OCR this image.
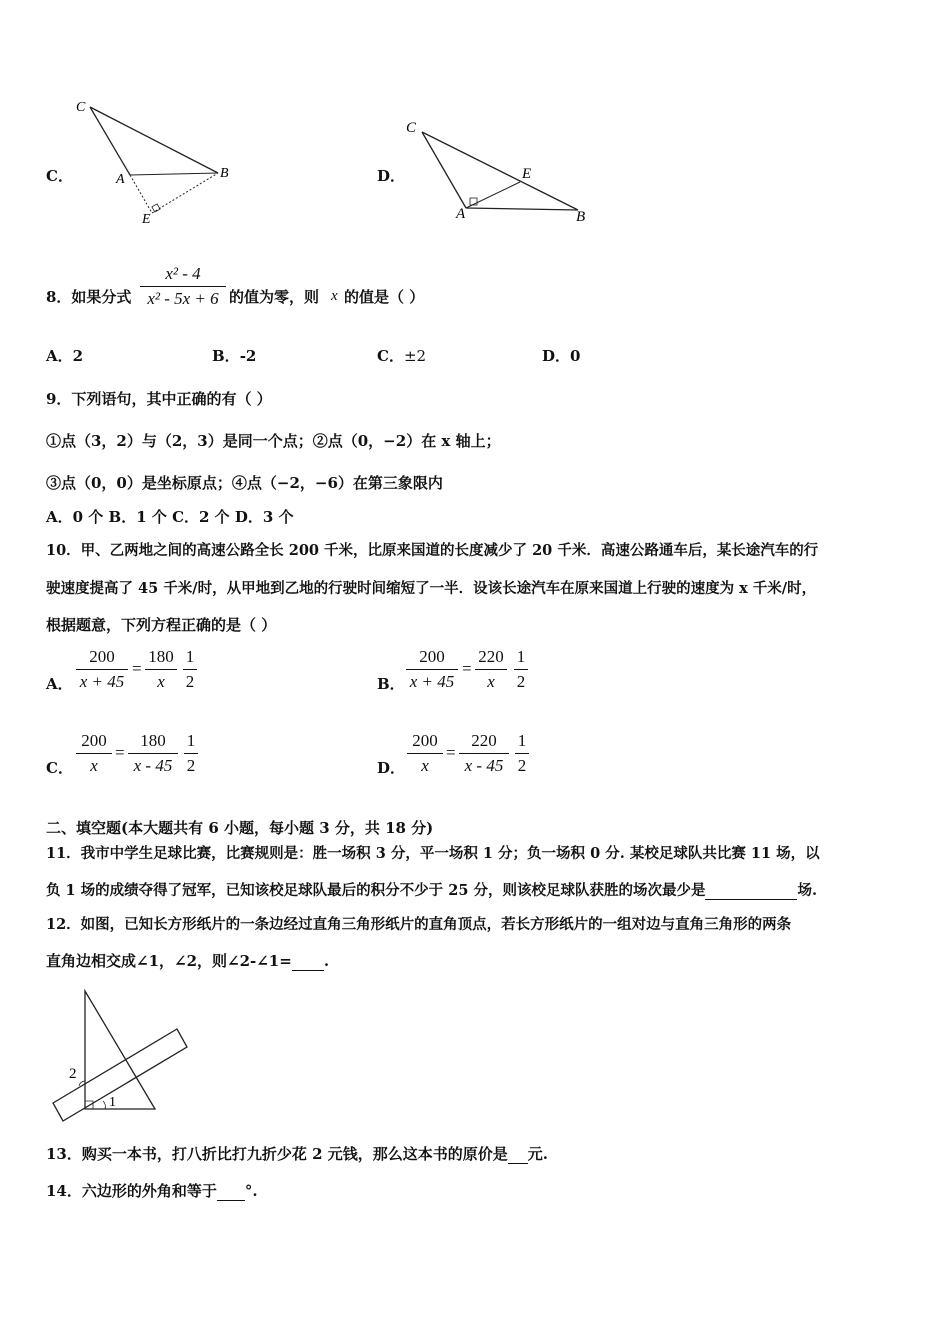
C．
C
A	B
E
D．
C
E
A	B
8．如果分式
x² - 4
x² - 5x + 6 的值为零，则 x 的值是（ ）
A．2	B．-2	C．±2	D．0
9．下列语句，其中正确的有（ ）
①点（3，2）与（2，3）是同一个点；②点（0，−2）在 x 轴上；
③点（0，0）是坐标原点；④点（−2，−6）在第三象限内
A．0 个 B．1 个 C．2 个 D．3 个
10．甲、乙两地之间的高速公路全长 200 千米，比原来国道的长度减少了 20 千米．高速公路通车后，某长途汽车的行
驶速度提高了 45 千米/时，从甲地到乙地的行驶时间缩短了一半．设该长途汽车在原来国道上行驶的速度为 x 千米/时，
根据题意，下列方程正确的是（ ）
A．
200
x + 45
=
180
x
1
2	B．
200
x + 45
=
220
x
1
2
C．
200
x
=
180
x - 45
1
2	D．
200
x
=
220
x - 45
1
2
二、填空题(本大题共有 6 小题，每小题 3 分，共 18 分)
11．我市中学生足球比赛，比赛规则是：胜一场积 3 分，平一场积 1 分；负一场积 0 分. 某校足球队共比赛 11 场，以
负 1 场的成绩夺得了冠军，已知该校足球队最后的积分不少于 25 分，则该校足球队获胜的场次最少是	场.
12．如图，已知长方形纸片的一条边经过直角三角形纸片的直角顶点，若长方形纸片的一组对边与直角三角形的两条
直角边相交成∠1，∠2，则∠2-∠1= .
2
1
13．购买一本书，打八折比打九折少花 2 元钱，那么这本书的原价是 元.
14．六边形的外角和等于 °.
